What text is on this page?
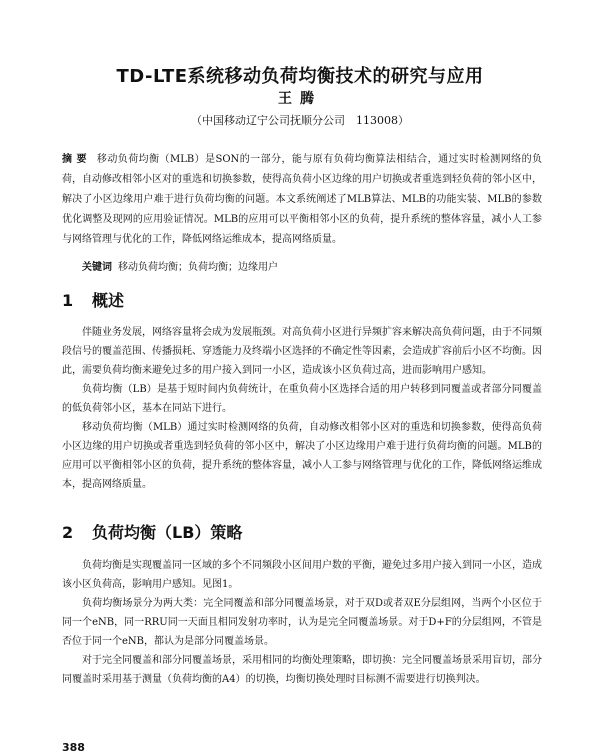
TD-LTE系统移动负荷均衡技术的研究与应用
王腾
（中国移动辽宁公司抚顺分公司　113008）
摘要 移动负荷均衡（MLB）是SON的一部分，能与原有负荷均衡算法相结合，通过实时检测网络的负荷，自动修改相邻小区对的重选和切换参数，使得高负荷小区边缘的用户切换或者重选到轻负荷的邻小区中，解决了小区边缘用户难于进行负荷均衡的问题。本文系统阐述了MLB算法、MLB的功能实装、MLB的参数优化调整及现网的应用验证情况。MLB的应用可以平衡相邻小区的负荷，提升系统的整体容量，减小人工参与网络管理与优化的工作，降低网络运维成本，提高网络质量。
关键词 移动负荷均衡；负荷均衡；边缘用户
1 概述

伴随业务发展，网络容量将会成为发展瓶颈。对高负荷小区进行异频扩容来解决高负荷问题，由于不同频段信号的覆盖范围、传播损耗、穿透能力及终端小区选择的不确定性等因素，会造成扩容前后小区不均衡。因此，需要负荷均衡来避免过多的用户接入到同一小区，造成该小区负荷过高，进而影响用户感知。

负荷均衡（LB）是基于短时间内负荷统计，在重负荷小区选择合适的用户转移到同覆盖或者部分同覆盖的低负荷邻小区，基本在同站下进行。

移动负荷均衡（MLB）通过实时检测网络的负荷，自动修改相邻小区对的重选和切换参数，使得高负荷小区边缘的用户切换或者重选到轻负荷的邻小区中，解决了小区边缘用户难于进行负荷均衡的问题。MLB的应用可以平衡相邻小区的负荷，提升系统的整体容量，减小人工参与网络管理与优化的工作，降低网络运维成本，提高网络质量。

2 负荷均衡（LB）策略

负荷均衡是实现覆盖同一区域的多个不同频段小区间用户数的平衡，避免过多用户接入到同一小区，造成该小区负荷高，影响用户感知。见图1。

负荷均衡场景分为两大类：完全同覆盖和部分同覆盖场景，对于双D或者双E分层组网，当两个小区位于同一个eNB，同一RRU同一天面且相同发射功率时，认为是完全同覆盖场景。对于D+F的分层组网，不管是否位于同一个eNB，都认为是部分同覆盖场景。

对于完全同覆盖和部分同覆盖场景，采用相同的均衡处理策略，即切换：完全同覆盖场景采用盲切，部分同覆盖时采用基于测量（负荷均衡的A4）的切换，均衡切换处理时目标测不需要进行切换判决。

388
